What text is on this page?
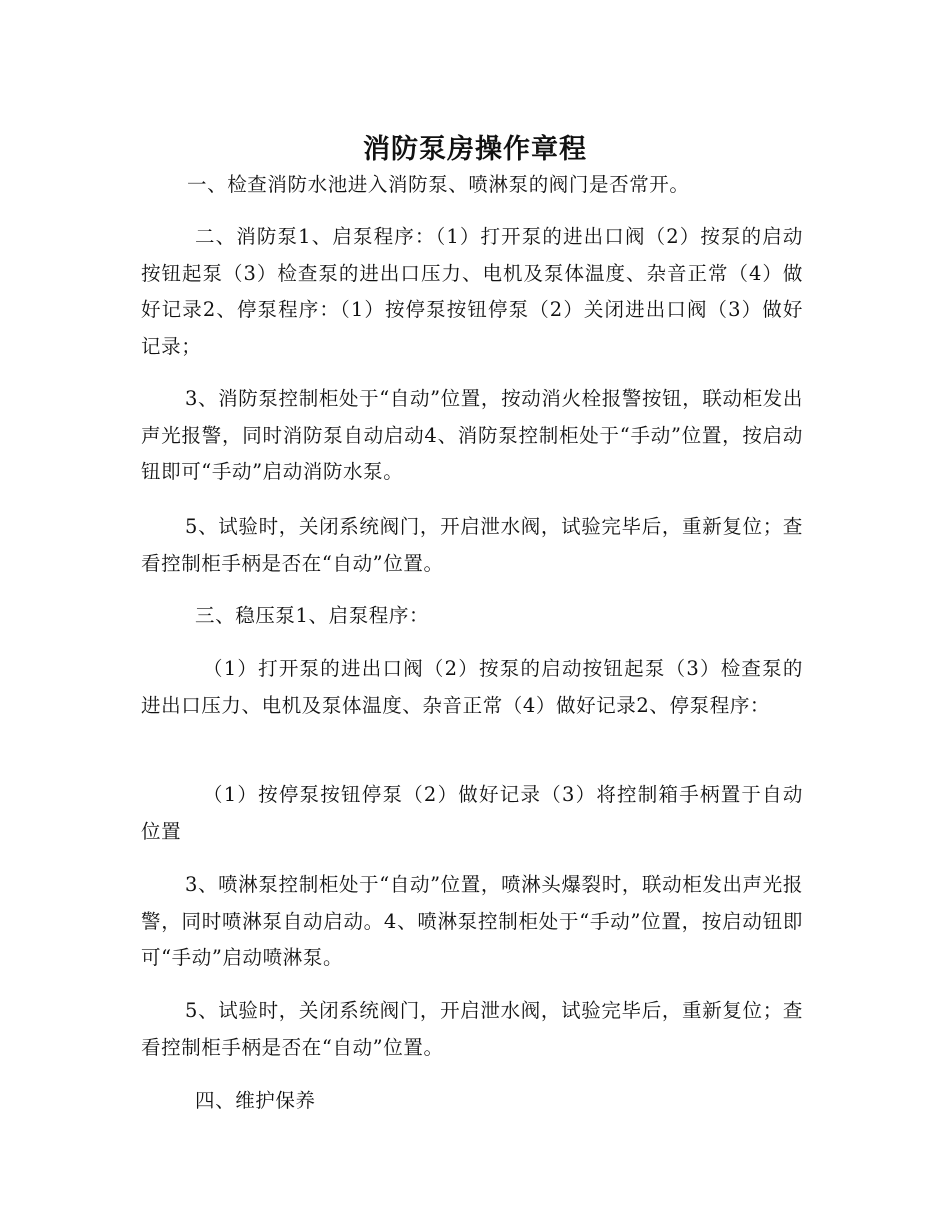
消防泵房操作章程

一、检查消防水池进入消防泵、喷淋泵的阀门是否常开。

二、消防泵1、启泵程序：（1）打开泵的进出口阀（2）按泵的启动按钮起泵（3）检查泵的进出口压力、电机及泵体温度、杂音正常（4）做好记录2、停泵程序：（1）按停泵按钮停泵（2）关闭进出口阀（3）做好记录；

3、消防泵控制柜处于“自动”位置，按动消火栓报警按钮，联动柜发出声光报警，同时消防泵自动启动4、消防泵控制柜处于“手动”位置，按启动钮即可“手动”启动消防水泵。

5、试验时，关闭系统阀门，开启泄水阀，试验完毕后，重新复位；查看控制柜手柄是否在“自动”位置。

三、稳压泵1、启泵程序：

（1）打开泵的进出口阀（2）按泵的启动按钮起泵（3）检查泵的进出口压力、电机及泵体温度、杂音正常（4）做好记录2、停泵程序：

（1）按停泵按钮停泵（2）做好记录（3）将控制箱手柄置于自动位置

3、喷淋泵控制柜处于“自动”位置，喷淋头爆裂时，联动柜发出声光报警，同时喷淋泵自动启动。4、喷淋泵控制柜处于“手动”位置，按启动钮即可“手动”启动喷淋泵。

5、试验时，关闭系统阀门，开启泄水阀，试验完毕后，重新复位；查看控制柜手柄是否在“自动”位置。

四、维护保养
